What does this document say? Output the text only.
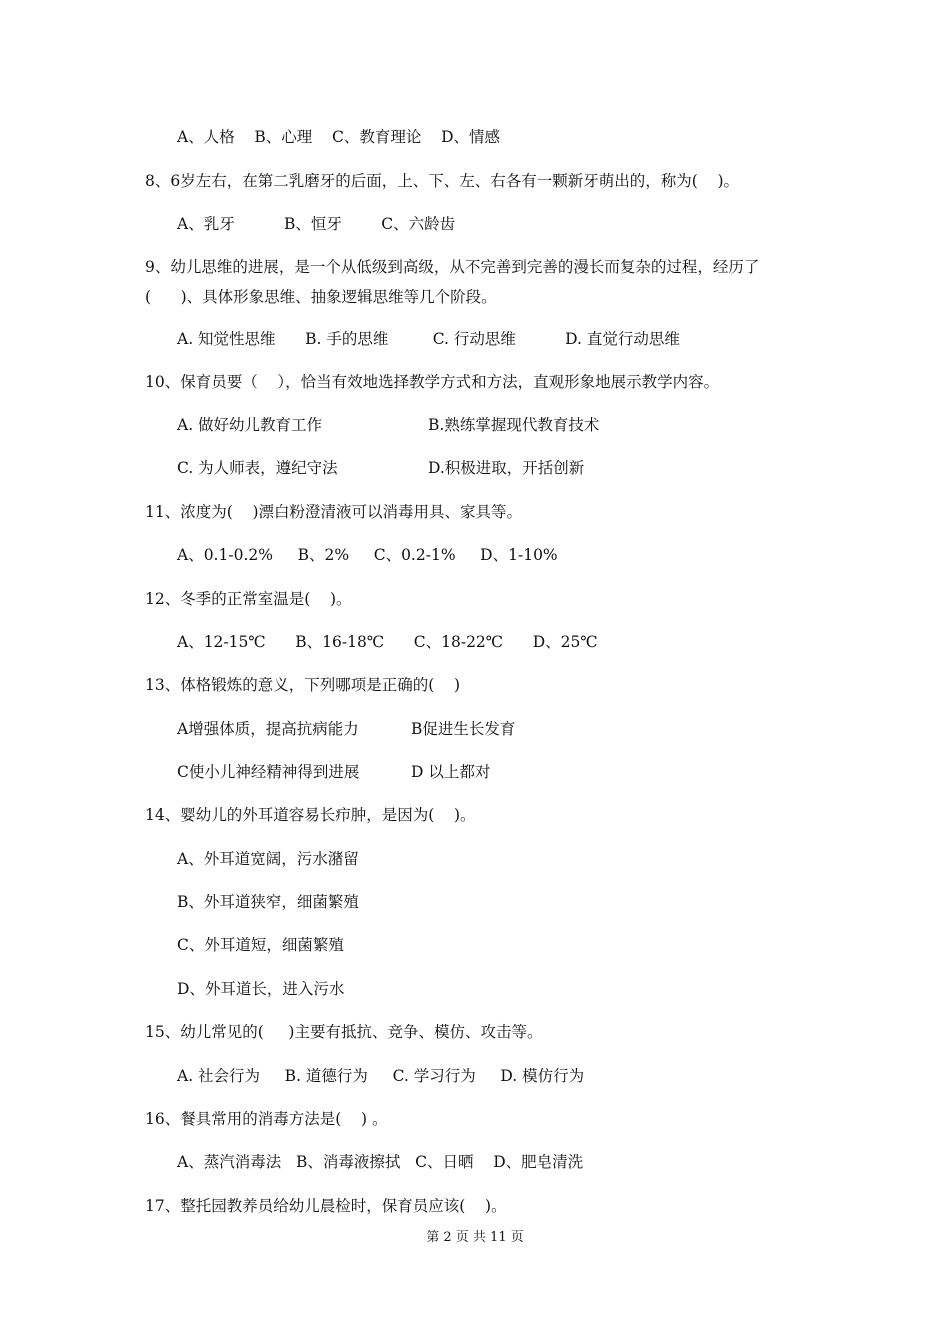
A、人格    B、心理    C、教育理论    D、情感
8、6岁左右，在第二乳磨牙的后面，上、下、左、右各有一颗新牙萌出的，称为(    )。
A、乳牙          B、恒牙        C、六龄齿
9、幼儿思维的进展，是一个从低级到高级，从不完善到完善的漫长而复杂的过程，经历了
(      )、具体形象思维、抽象逻辑思维等几个阶段。
A. 知觉性思维      B. 手的思维         C. 行动思维          D. 直觉行动思维
10、保育员要（    ），恰当有效地选择教学方式和方法，直观形象地展示教学内容。
A. 做好幼儿教育工作	B.熟练掌握现代教育技术
C. 为人师表，遵纪守法	D.积极进取，开括创新
11、浓度为(    )漂白粉澄清液可以消毒用具、家具等。
A、0.1-0.2%     B、2%     C、0.2-1%     D、1-10%
12、冬季的正常室温是(    )。
A、12-15℃      B、16-18℃      C、18-22℃      D、25℃
13、体格锻炼的意义，下列哪项是正确的(    )
A增强体质，提高抗病能力	B促进生长发育
C使小儿神经精神得到进展	D 以上都对
14、婴幼儿的外耳道容易长疖肿，是因为(    )。
A、外耳道宽阔，污水潴留
B、外耳道狭窄，细菌繁殖
C、外耳道短，细菌繁殖
D、外耳道长，进入污水
15、幼儿常见的(     )主要有抵抗、竞争、模仿、攻击等。
A. 社会行为     B. 道德行为     C. 学习行为     D. 模仿行为
16、餐具常用的消毒方法是(    ) 。
A、蒸汽消毒法   B、消毒液擦拭   C、日晒    D、肥皂清洗
17、整托园教养员给幼儿晨检时，保育员应该(    )。
第 2 页 共 11 页
